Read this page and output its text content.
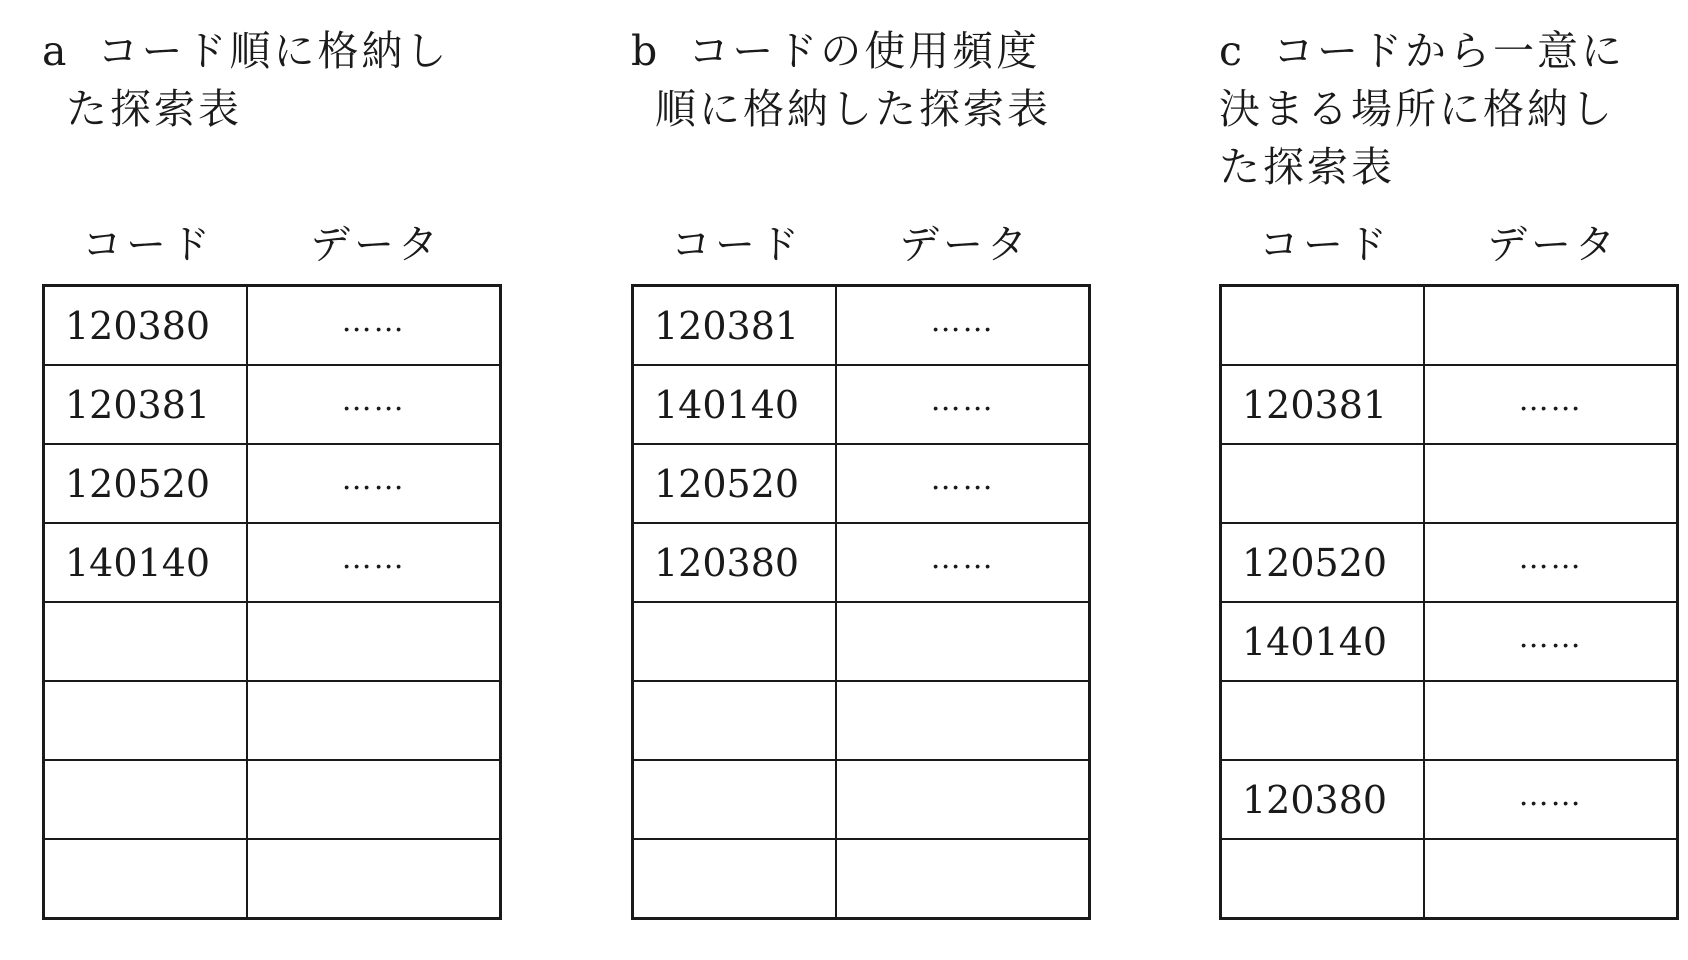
a コード順に格納し
た探索表
コード データ
120380	……
120381	……
120520	……
140140	……

b コードの使用頻度
順に格納した探索表
コード データ
120381	……
140140	……
120520	……
120380	……

c コードから一意に
決まる場所に格納し
た探索表
コード データ

120381	……

120520	……
140140	……

120380	……
